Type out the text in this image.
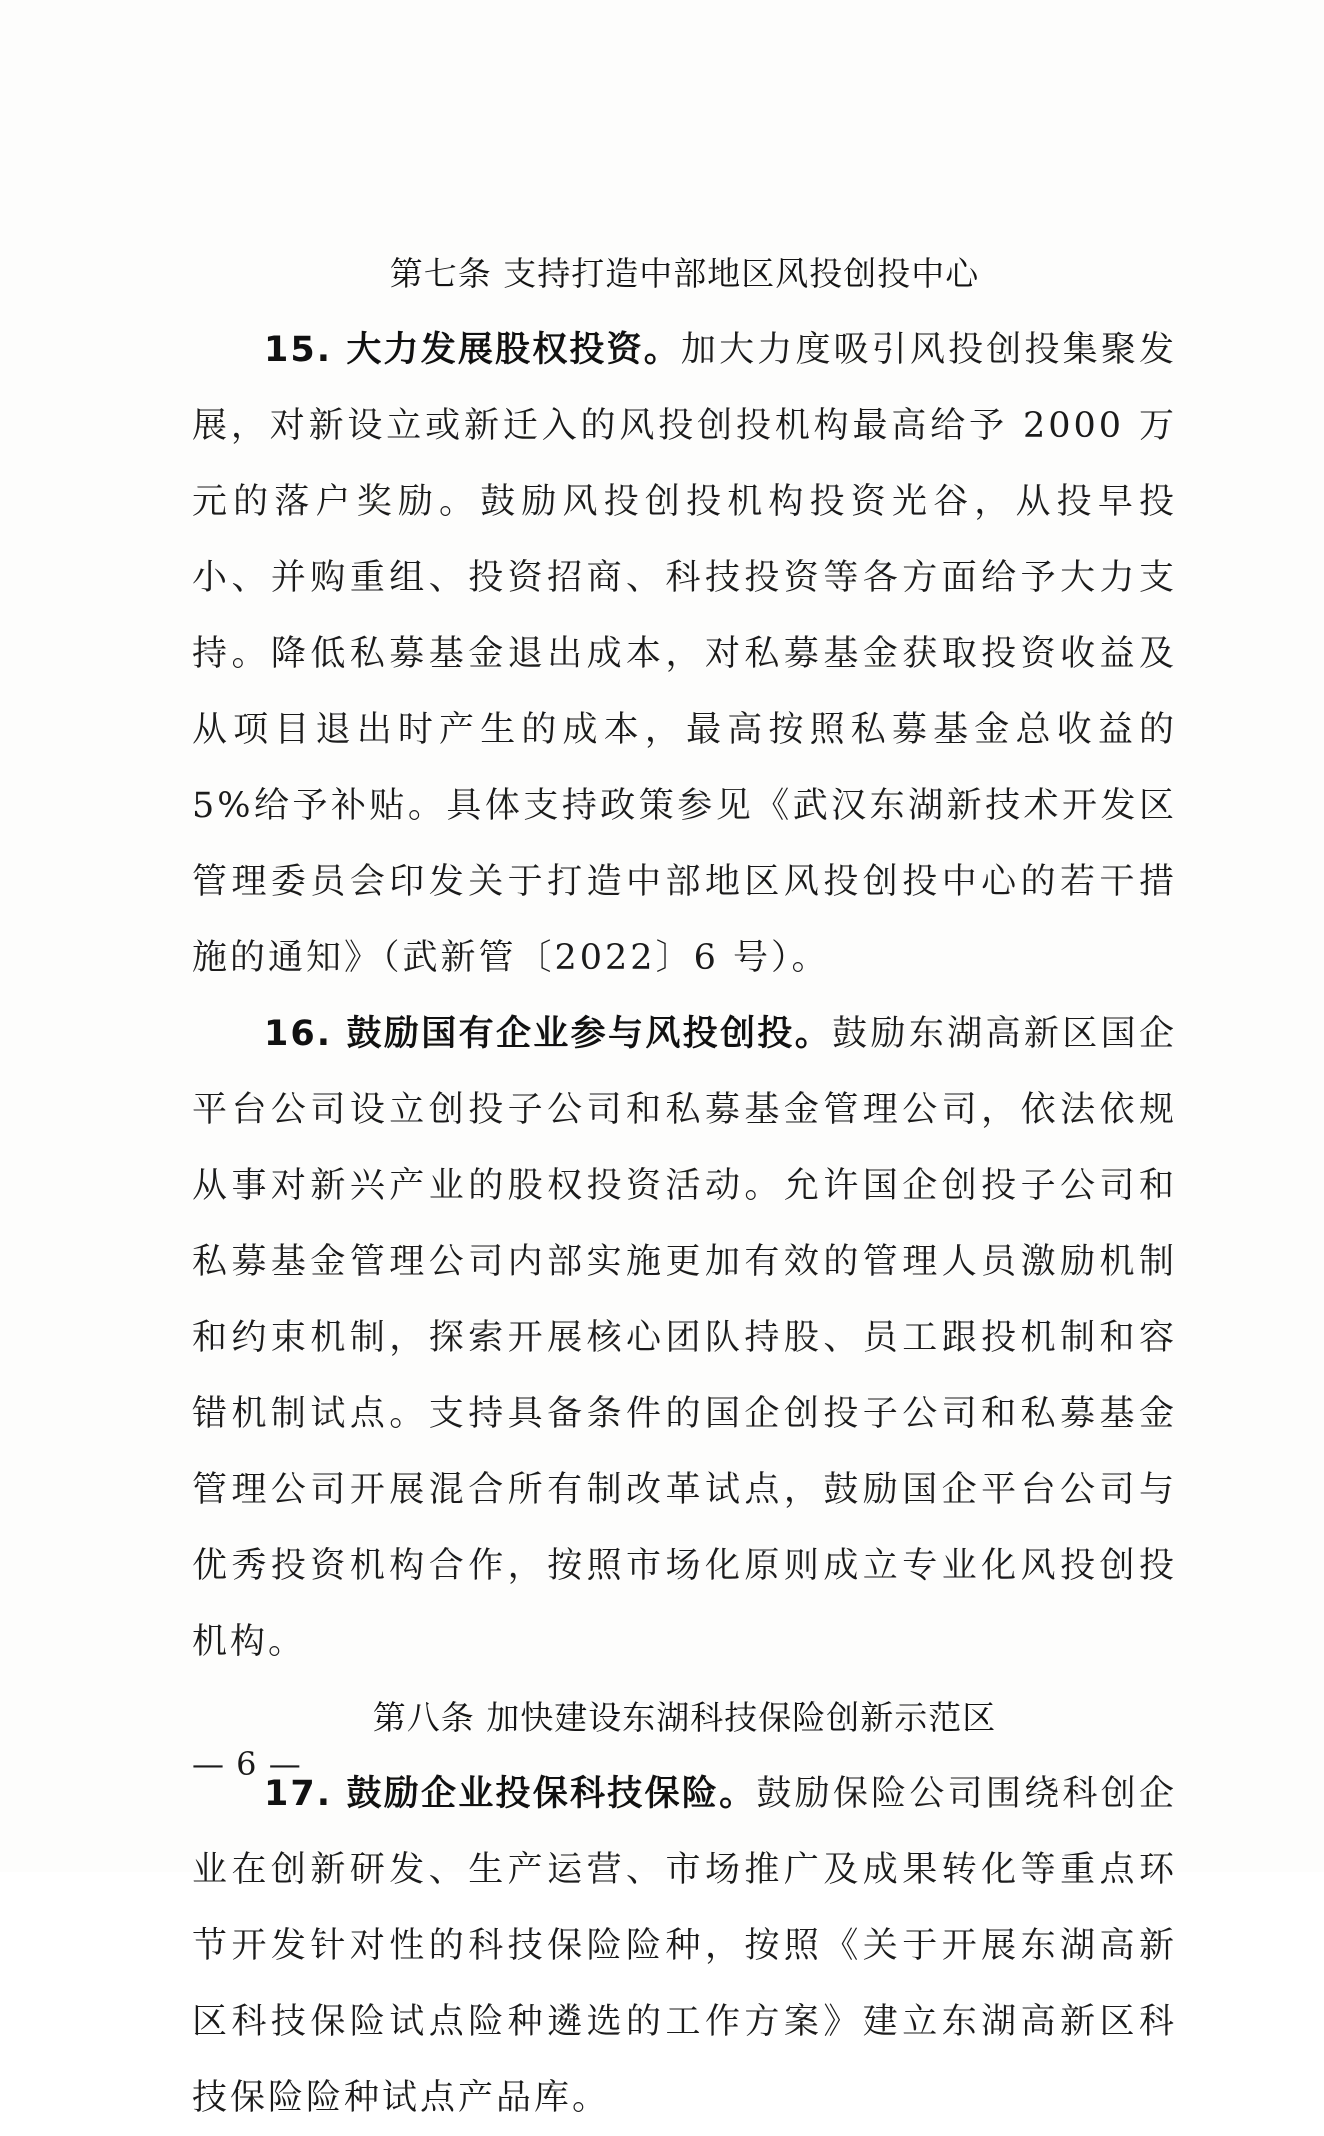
第七条 支持打造中部地区风投创投中心

15. 大力发展股权投资。加大力度吸引风投创投集聚发展，对新设立或新迁入的风投创投机构最高给予 2000 万元的落户奖励。鼓励风投创投机构投资光谷，从投早投小、并购重组、投资招商、科技投资等各方面给予大力支持。降低私募基金退出成本，对私募基金获取投资收益及从项目退出时产生的成本，最高按照私募基金总收益的 5%给予补贴。具体支持政策参见《武汉东湖新技术开发区管理委员会印发关于打造中部地区风投创投中心的若干措施的通知》（武新管〔2022〕6 号）。

16. 鼓励国有企业参与风投创投。鼓励东湖高新区国企平台公司设立创投子公司和私募基金管理公司，依法依规从事对新兴产业的股权投资活动。允许国企创投子公司和私募基金管理公司内部实施更加有效的管理人员激励机制和约束机制，探索开展核心团队持股、员工跟投机制和容错机制试点。支持具备条件的国企创投子公司和私募基金管理公司开展混合所有制改革试点，鼓励国企平台公司与优秀投资机构合作，按照市场化原则成立专业化风投创投机构。

第八条 加快建设东湖科技保险创新示范区

17. 鼓励企业投保科技保险。鼓励保险公司围绕科创企业在创新研发、生产运营、市场推广及成果转化等重点环节开发针对性的科技保险险种，按照《关于开展东湖高新区科技保险试点险种遴选的工作方案》建立东湖高新区科技保险险种试点产品库。

— 6 —
